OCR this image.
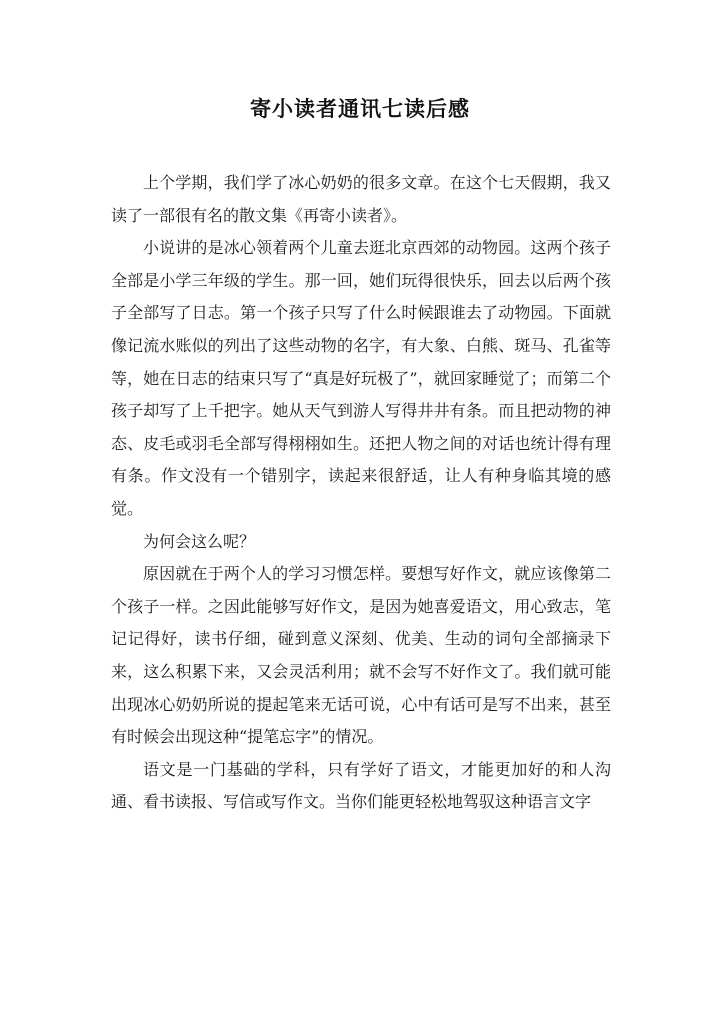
寄小读者通讯七读后感

上个学期，我们学了冰心奶奶的很多文章。在这个七天假期，我又读了一部很有名的散文集《再寄小读者》。

小说讲的是冰心领着两个儿童去逛北京西郊的动物园。这两个孩子全部是小学三年级的学生。那一回，她们玩得很快乐，回去以后两个孩子全部写了日志。第一个孩子只写了什么时候跟谁去了动物园。下面就像记流水账似的列出了这些动物的名字，有大象、白熊、斑马、孔雀等等，她在日志的结束只写了“真是好玩极了”，就回家睡觉了；而第二个孩子却写了上千把字。她从天气到游人写得井井有条。而且把动物的神态、皮毛或羽毛全部写得栩栩如生。还把人物之间的对话也统计得有理有条。作文没有一个错别字，读起来很舒适，让人有种身临其境的感觉。

为何会这么呢？

原因就在于两个人的学习习惯怎样。要想写好作文，就应该像第二个孩子一样。之因此能够写好作文，是因为她喜爱语文，用心致志，笔记记得好，读书仔细，碰到意义深刻、优美、生动的词句全部摘录下来，这么积累下来，又会灵活利用；就不会写不好作文了。我们就可能出现冰心奶奶所说的提起笔来无话可说，心中有话可是写不出来，甚至有时候会出现这种“提笔忘字”的情况。

语文是一门基础的学科，只有学好了语文，才能更加好的和人沟通、看书读报、写信或写作文。当你们能更轻松地驾驭这种语言文字
